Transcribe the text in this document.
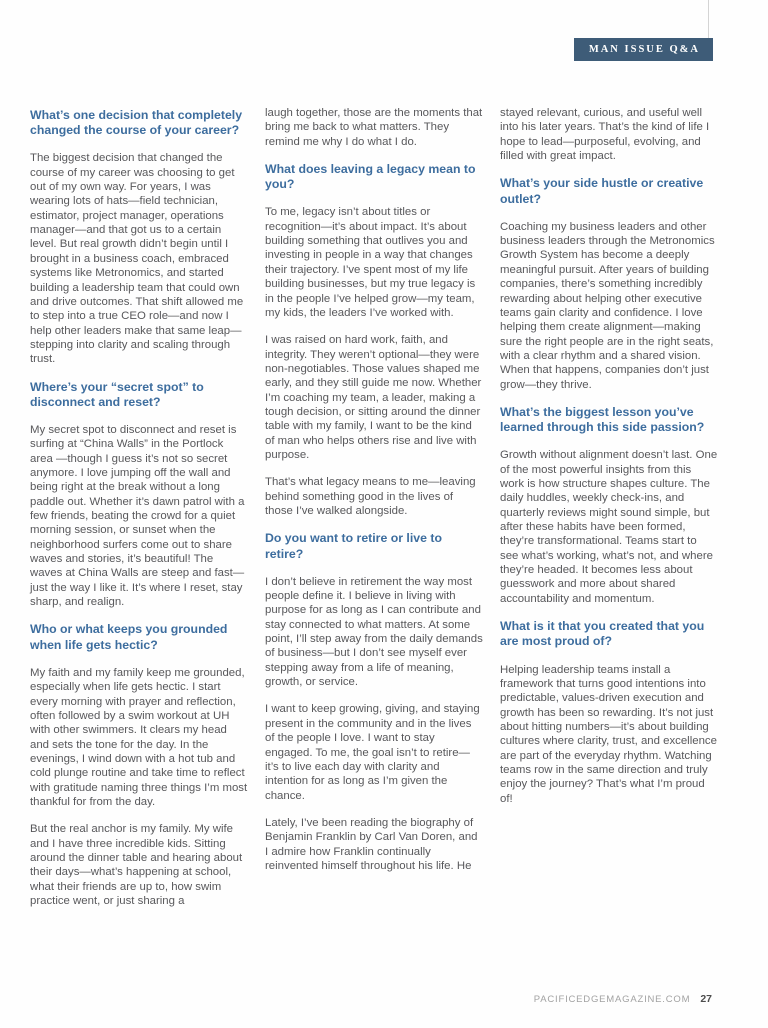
MAN ISSUE Q&A
What’s one decision that completely changed the course of your career?
The biggest decision that changed the course of my career was choosing to get out of my own way. For years, I was wearing lots of hats—field technician, estimator, project manager, operations manager—and that got us to a certain level. But real growth didn’t begin until I brought in a business coach, embraced systems like Metronomics, and started building a leadership team that could own and drive outcomes. That shift allowed me to step into a true CEO role—and now I help other leaders make that same leap—stepping into clarity and scaling through trust.
Where’s your “secret spot” to disconnect and reset?
My secret spot to disconnect and reset is surfing at “China Walls” in the Portlock area —though I guess it’s not so secret anymore. I love jumping off the wall and being right at the break without a long paddle out. Whether it’s dawn patrol with a few friends, beating the crowd for a quiet morning session, or sunset when the neighborhood surfers come out to share waves and stories, it’s beautiful! The waves at China Walls are steep and fast—just the way I like it. It’s where I reset, stay sharp, and realign.
Who or what keeps you grounded when life gets hectic?
My faith and my family keep me grounded, especially when life gets hectic. I start every morning with prayer and reflection, often followed by a swim workout at UH with other swimmers. It clears my head and sets the tone for the day. In the evenings, I wind down with a hot tub and cold plunge routine and take time to reflect with gratitude naming three things I’m most thankful for from the day.
But the real anchor is my family. My wife and I have three incredible kids. Sitting around the dinner table and hearing about their days—what’s happening at school, what their friends are up to, how swim practice went, or just sharing a
laugh together, those are the moments that bring me back to what matters. They remind me why I do what I do.
What does leaving a legacy mean to you?
To me, legacy isn’t about titles or recognition—it’s about impact. It’s about building something that outlives you and investing in people in a way that changes their trajectory. I’ve spent most of my life building businesses, but my true legacy is in the people I’ve helped grow—my team, my kids, the leaders I’ve worked with.
I was raised on hard work, faith, and integrity. They weren’t optional—they were non-negotiables. Those values shaped me early, and they still guide me now. Whether I’m coaching my team, a leader, making a tough decision, or sitting around the dinner table with my family, I want to be the kind of man who helps others rise and live with purpose.
That’s what legacy means to me—leaving behind something good in the lives of those I’ve walked alongside.
Do you want to retire or live to retire?
I don’t believe in retirement the way most people define it. I believe in living with purpose for as long as I can contribute and stay connected to what matters. At some point, I’ll step away from the daily demands of business—but I don’t see myself ever stepping away from a life of meaning, growth, or service.
I want to keep growing, giving, and staying present in the community and in the lives of the people I love. I want to stay engaged. To me, the goal isn’t to retire—it’s to live each day with clarity and intention for as long as I’m given the chance.
Lately, I’ve been reading the biography of Benjamin Franklin by Carl Van Doren, and I admire how Franklin continually reinvented himself throughout his life. He
stayed relevant, curious, and useful well into his later years. That’s the kind of life I hope to lead—purposeful, evolving, and filled with great impact.
What’s your side hustle or creative outlet?
Coaching my business leaders and other business leaders through the Metronomics Growth System has become a deeply meaningful pursuit. After years of building companies, there’s something incredibly rewarding about helping other executive teams gain clarity and confidence. I love helping them create alignment—making sure the right people are in the right seats, with a clear rhythm and a shared vision. When that happens, companies don’t just grow—they thrive.
What’s the biggest lesson you’ve learned through this side passion?
Growth without alignment doesn’t last. One of the most powerful insights from this work is how structure shapes culture. The daily huddles, weekly check-ins, and quarterly reviews might sound simple, but after these habits have been formed, they’re transformational. Teams start to see what’s working, what’s not, and where they’re headed. It becomes less about guesswork and more about shared accountability and momentum.
What is it that you created that you are most proud of?
Helping leadership teams install a framework that turns good intentions into predictable, values-driven execution and growth has been so rewarding. It’s not just about hitting numbers—it’s about building cultures where clarity, trust, and excellence are part of the everyday rhythm. Watching teams row in the same direction and truly enjoy the journey? That’s what I’m proud of!
PACIFICEDGEMAGAZINE.COM 27
